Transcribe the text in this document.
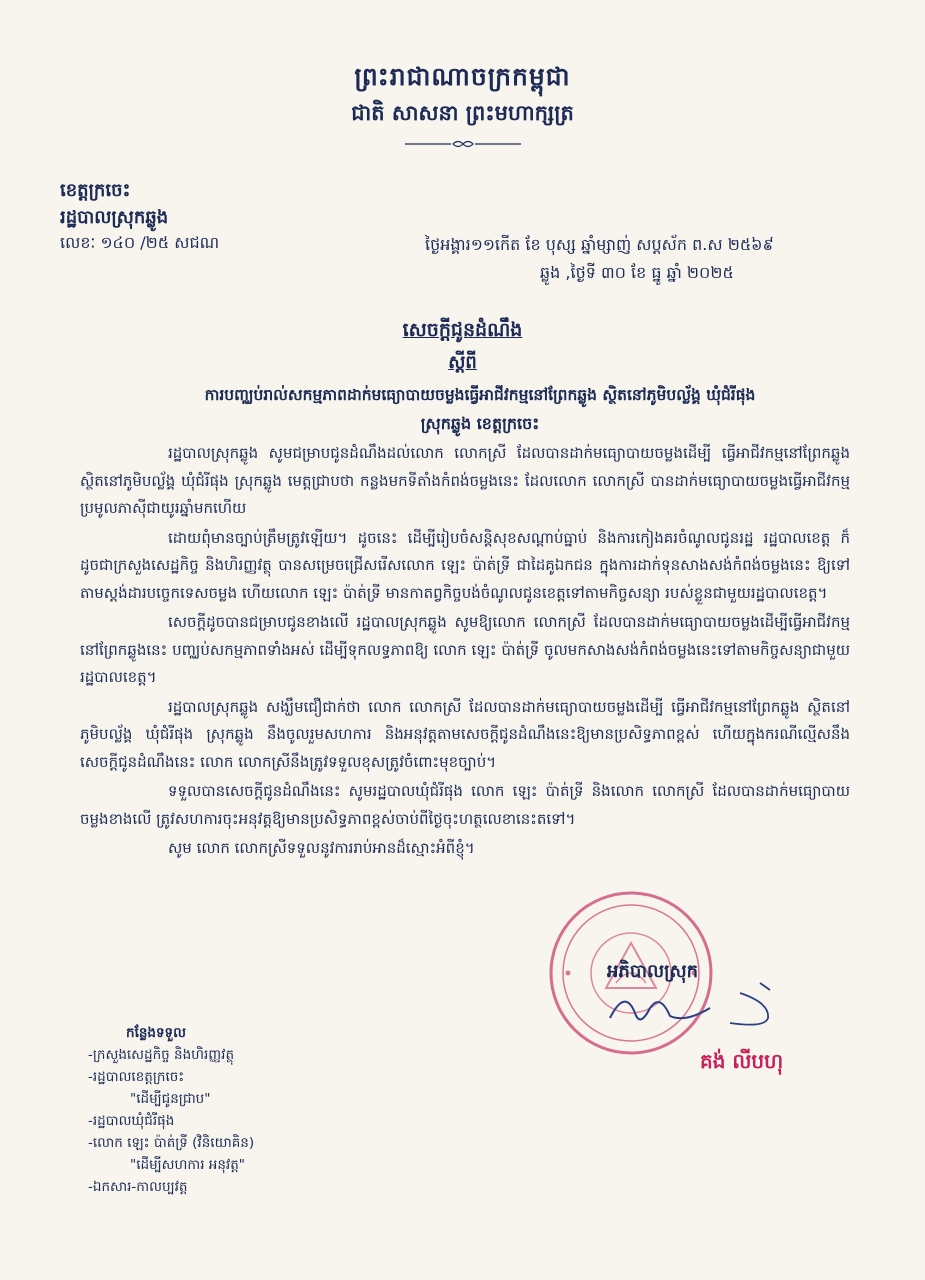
ព្រះរាជាណាចក្រកម្ពុជា
ជាតិ សាសនា ព្រះមហាក្សត្រ
ខេត្តក្រចេះ
រដ្ឋបាលស្រុកឆ្លូង
លេខៈ ១៤០ /២៥ សជណ	ថ្ងៃអង្គារ១១កើត ខែ បុស្ស ឆ្នាំម្សាញ់ សប្តស័ក ព.ស ២៥៦៩
ឆ្លូង ,ថ្ងៃទី ៣០ ខែ ធ្នូ ឆ្នាំ ២០២៥
សេចក្តីជូនដំណឹង
ស្តីពី
ការបញ្ឈប់រាល់សកម្មភាពដាក់មធ្យោបាយចម្លងធ្វើអាជីវកម្មនៅព្រែកឆ្លូង ស្ថិតនៅភូមិបល្ល័ង្គ ឃុំជំរីផុង
ស្រុកឆ្លូង ខេត្តក្រចេះ

រដ្ឋបាលស្រុកឆ្លូង សូមជម្រាបជូនដំណឹងដល់លោក លោកស្រី ដែលបានដាក់មធ្យោបាយចម្លងដើម្បី ធ្វើអាជីវកម្មនៅព្រែកឆ្លូង ស្ថិតនៅភូមិបល្ល័ង្គ ឃុំជំរីផុង ស្រុកឆ្លូង មេត្តជ្រាបថា កន្លងមកទីតាំងកំពង់ចម្លងនេះ ដែលលោក លោកស្រី បានដាក់មធ្យោបាយចម្លងធ្វើអាជីវកម្មប្រមូលភាស៊ីជាយូរឆ្នាំមកហើយ

ដោយពុំមានច្បាប់ត្រឹមត្រូវឡើយ។ ដូចនេះ ដើម្បីរៀបចំសន្តិសុខសណ្តាប់ធ្នាប់ និងការកៀងគរចំណូលជូនរដ្ឋ រដ្ឋបាលខេត្ត ក៏ដូចជាក្រសួងសេដ្ឋកិច្ច និងហិរញ្ញវត្ថុ បានសម្រេចជ្រើសរើសលោក ឡេះ ប៉ាត់ទ្រី ជាដៃគូឯកជន ក្នុងការដាក់ទុនសាងសង់កំពង់ចម្លងនេះ ឱ្យទៅតាមស្តង់ដារបច្ចេកទេសចម្លង ហើយលោក ឡេះ ប៉ាត់ទ្រី មានកាតព្វកិច្ចបង់ចំណូលជូនខេត្តទៅតាមកិច្ចសន្យា របស់ខ្លួនជាមួយរដ្ឋបាលខេត្ត។

សេចក្តីដូចបានជម្រាបជូនខាងលើ រដ្ឋបាលស្រុកឆ្លូង សូមឱ្យលោក លោកស្រី ដែលបានដាក់មធ្យោបាយចម្លងដើម្បីធ្វើអាជីវកម្មនៅព្រែកឆ្លូងនេះ បញ្ឈប់សកម្មភាពទាំងអស់ ដើម្បីទុកលទ្ធភាពឱ្យ លោក ឡេះ ប៉ាត់ទ្រី ចូលមកសាងសង់កំពង់ចម្លងនេះទៅតាមកិច្ចសន្យាជាមួយរដ្ឋបាលខេត្ត។

រដ្ឋបាលស្រុកឆ្លូង សង្ឃឹមជឿជាក់ថា លោក លោកស្រី ដែលបានដាក់មធ្យោបាយចម្លងដើម្បី ធ្វើអាជីវកម្មនៅព្រែកឆ្លូង ស្ថិតនៅភូមិបល្ល័ង្គ ឃុំជំរីផុង ស្រុកឆ្លូង នឹងចូលរួមសហការ និងអនុវត្តតាមសេចក្តីជូនដំណឹងនេះឱ្យមានប្រសិទ្ធភាពខ្ពស់ ហើយក្នុងករណីល្មើសនឹងសេចក្តីជូនដំណឹងនេះ លោក លោកស្រីនឹងត្រូវទទួលខុសត្រូវចំពោះមុខច្បាប់។

ទទួលបានសេចក្តីជូនដំណឹងនេះ សូមរដ្ឋបាលឃុំជំរីផុង លោក ឡេះ ប៉ាត់ទ្រី និងលោក លោកស្រី ដែលបានដាក់មធ្យោបាយចម្លងខាងលើ ត្រូវសហការចុះអនុវត្តឱ្យមានប្រសិទ្ធភាពខ្ពស់ចាប់ពីថ្ងៃចុះហត្ថលេខានេះតទៅ។

សូម លោក លោកស្រីទទួលនូវការរាប់អានដ៏ស្មោះអំពីខ្ញុំ។

អភិបាលស្រុក
គង់ លីបហុ
កន្លែងទទួល
-ក្រសួងសេដ្ឋកិច្ច និងហិរញ្ញវត្ថុ
-រដ្ឋបាលខេត្តក្រចេះ
"ដើម្បីជូនជ្រាប"
-រដ្ឋបាលឃុំជំរីផុង
-លោក ឡេះ ប៉ាត់ទ្រី (វិនិយោគិន)
"ដើម្បីសហការ អនុវត្ត"
-ឯកសារ-កាលប្បវត្ត
